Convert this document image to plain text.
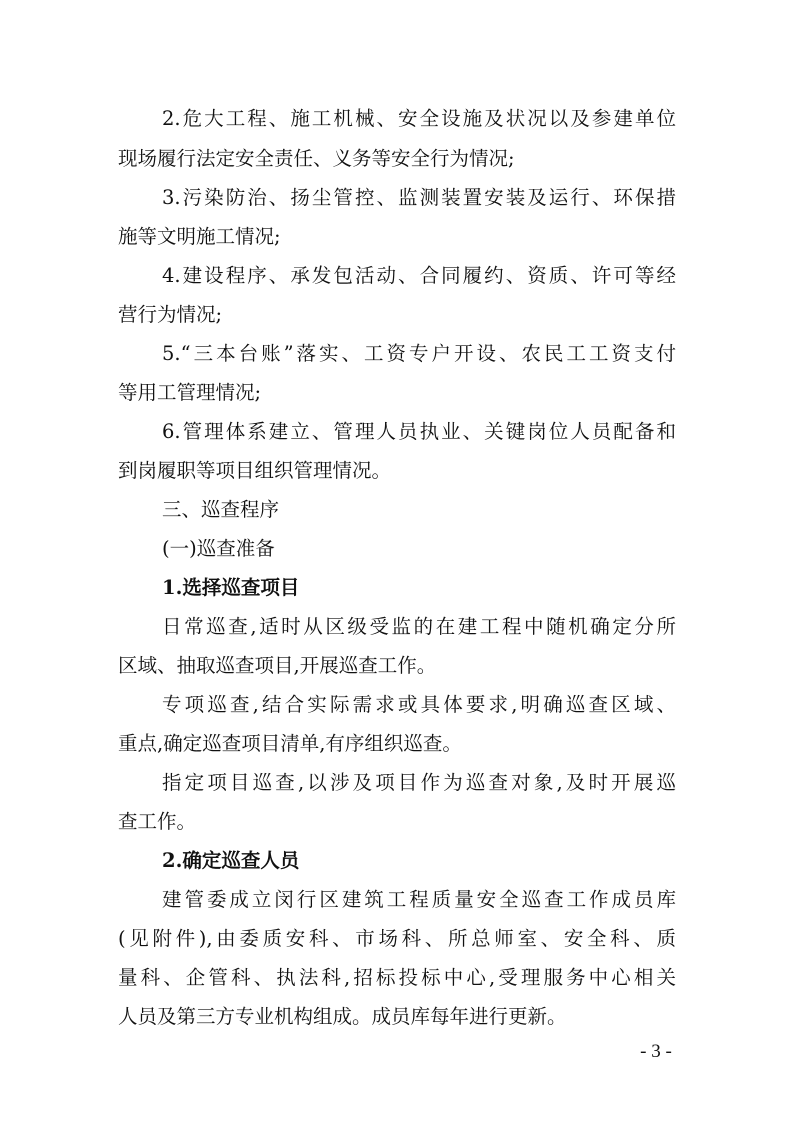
2.危大工程、施工机械、安全设施及状况以及参建单位
现场履行法定安全责任、义务等安全行为情况;
3.污染防治、扬尘管控、监测装置安装及运行、环保措
施等文明施工情况;
4.建设程序、承发包活动、合同履约、资质、许可等经
营行为情况;
5.“三本台账”落实、工资专户开设、农民工工资支付
等用工管理情况;
6.管理体系建立、管理人员执业、关键岗位人员配备和
到岗履职等项目组织管理情况。
三、巡查程序
(一)巡查准备
1.选择巡查项目
日常巡查,适时从区级受监的在建工程中随机确定分所
区域、抽取巡查项目,开展巡查工作。
专项巡查,结合实际需求或具体要求,明确巡查区域、
重点,确定巡查项目清单,有序组织巡查。
指定项目巡查,以涉及项目作为巡查对象,及时开展巡
查工作。
2.确定巡查人员
建管委成立闵行区建筑工程质量安全巡查工作成员库
(见附件),由委质安科、市场科、所总师室、安全科、质
量科、企管科、执法科,招标投标中心,受理服务中心相关
人员及第三方专业机构组成。成员库每年进行更新。
- 3 -
